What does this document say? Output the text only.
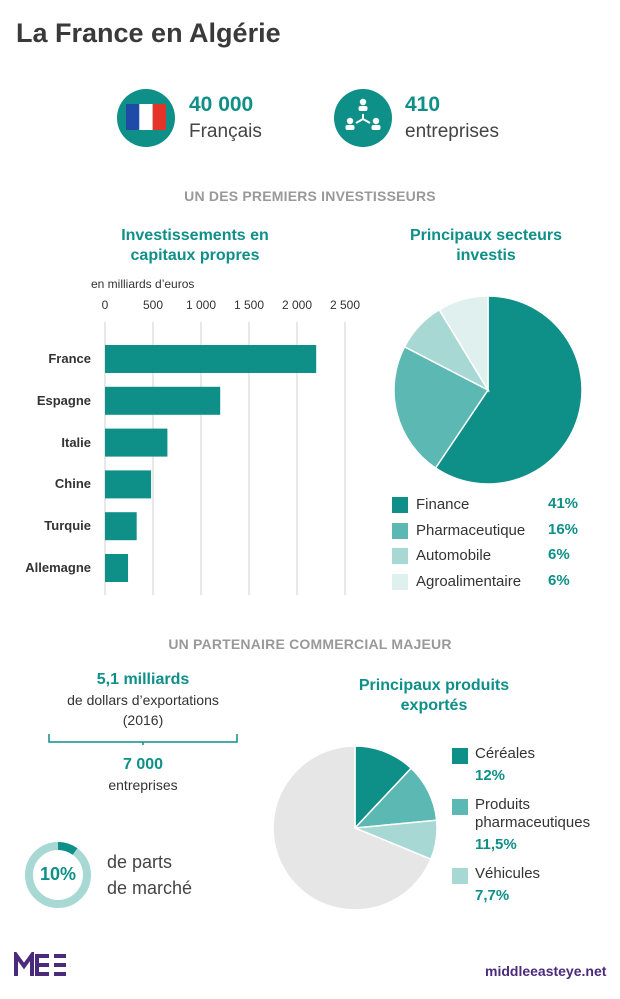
La France en Algérie
40 000
Français
410
entreprises
UN DES PREMIERS INVESTISSEURS
Investissements en
capitaux propres
en milliards d’euros
0	500	1 000	1 500	2 000	2 500
France
Espagne
Italie
Chine
Turquie
Allemagne
Principaux secteurs
investis
Finance	41%
Pharmaceutique 16%
Automobile	6%
Agroalimentaire 6%
UN PARTENAIRE COMMERCIAL MAJEUR
5,1 milliards
de dollars d’exportations
(2016)
7 000
entreprises
10%
de parts
de marché
Principaux produits
exportés
Céréales
12%
Produits
pharmaceutiques
11,5%
Véhicules
7,7%
middleeasteye.net
